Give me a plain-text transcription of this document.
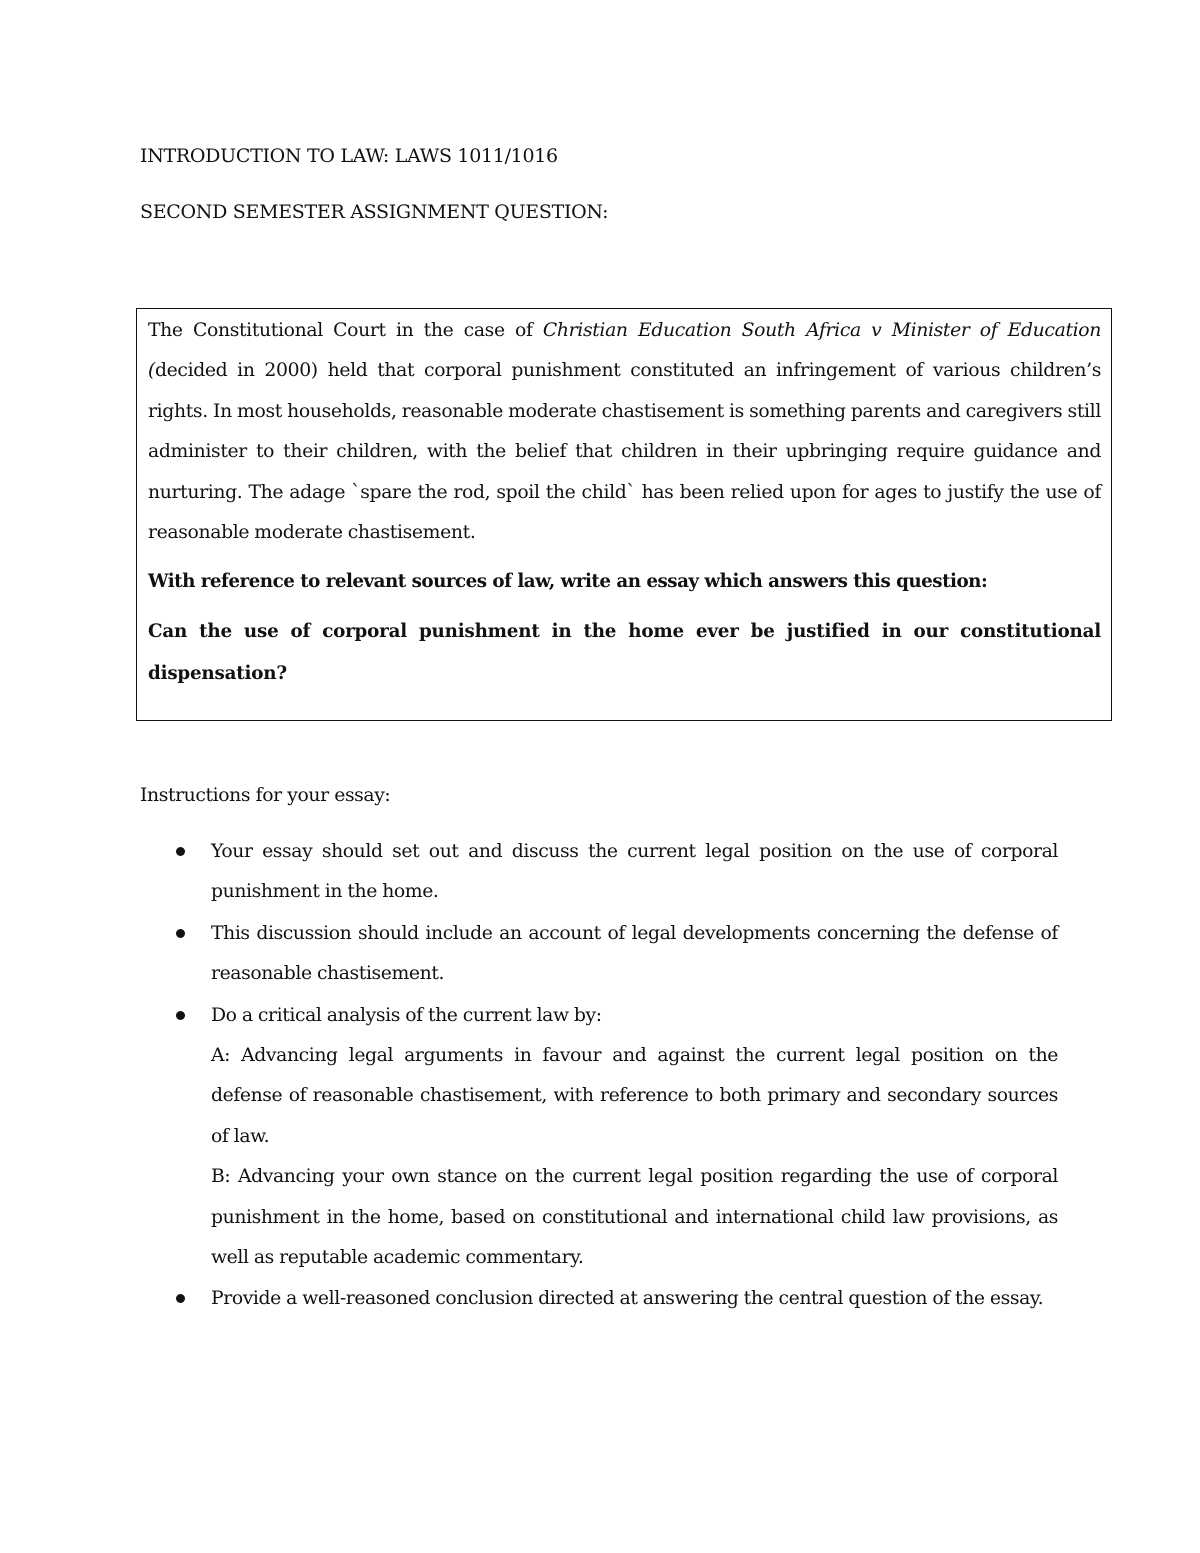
INTRODUCTION TO LAW: LAWS 1011/1016
SECOND SEMESTER ASSIGNMENT QUESTION:

The Constitutional Court in the case of Christian Education South Africa v Minister of Education (decided in 2000) held that corporal punishment constituted an infringement of various children’s rights. In most households, reasonable moderate chastisement is something parents and caregivers still administer to their children, with the belief that children in their upbringing require guidance and nurturing. The adage `spare the rod, spoil the child` has been relied upon for ages to justify the use of reasonable moderate chastisement.

With reference to relevant sources of law, write an essay which answers this question:

Can the use of corporal punishment in the home ever be justified in our constitutional dispensation?

Instructions for your essay:
Your essay should set out and discuss the current legal position on the use of corporal punishment in the home.
This discussion should include an account of legal developments concerning the defense of reasonable chastisement.
Do a critical analysis of the current law by:
A: Advancing legal arguments in favour and against the current legal position on the defense of reasonable chastisement, with reference to both primary and secondary sources of law.
B: Advancing your own stance on the current legal position regarding the use of corporal punishment in the home, based on constitutional and international child law provisions, as well as reputable academic commentary.
Provide a well-reasoned conclusion directed at answering the central question of the essay.
